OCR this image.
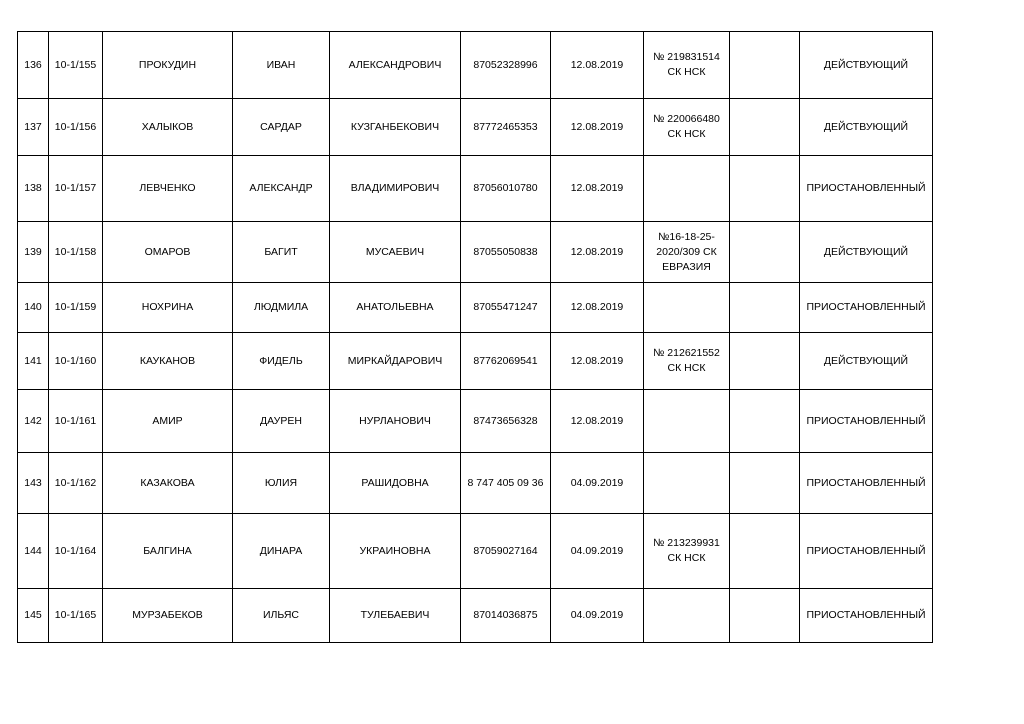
136	10-1/155	ПРОКУДИН	ИВАН	АЛЕКСАНДРОВИЧ	87052328996	12.08.2019	№ 219831514
СК НСК		ДЕЙСТВУЮЩИЙ
137	10-1/156	ХАЛЫКОВ	САРДАР	КУЗГАНБЕКОВИЧ	87772465353	12.08.2019	№ 220066480
СК НСК		ДЕЙСТВУЮЩИЙ
138	10-1/157	ЛЕВЧЕНКО	АЛЕКСАНДР	ВЛАДИМИРОВИЧ	87056010780	12.08.2019			ПРИОСТАНОВЛЕННЫЙ
139	10-1/158	ОМАРОВ	БАГИТ	МУСАЕВИЧ	87055050838	12.08.2019	№16-18-25-
2020/309 СК
ЕВРАЗИЯ		ДЕЙСТВУЮЩИЙ
140	10-1/159	НОХРИНА	ЛЮДМИЛА	АНАТОЛЬЕВНА	87055471247	12.08.2019			ПРИОСТАНОВЛЕННЫЙ
141	10-1/160	КАУКАНОВ	ФИДЕЛЬ	МИРКАЙДАРОВИЧ	87762069541	12.08.2019	№ 212621552
СК НСК		ДЕЙСТВУЮЩИЙ
142	10-1/161	АМИР	ДАУРЕН	НУРЛАНОВИЧ	87473656328	12.08.2019			ПРИОСТАНОВЛЕННЫЙ
143	10-1/162	КАЗАКОВА	ЮЛИЯ	РАШИДОВНА	8 747 405 09 36	04.09.2019			ПРИОСТАНОВЛЕННЫЙ
144	10-1/164	БАЛГИНА	ДИНАРА	УКРАИНОВНА	87059027164	04.09.2019	№ 213239931
СК НСК		ПРИОСТАНОВЛЕННЫЙ
145	10-1/165	МУРЗАБЕКОВ	ИЛЬЯС	ТУЛЕБАЕВИЧ	87014036875	04.09.2019			ПРИОСТАНОВЛЕННЫЙ
